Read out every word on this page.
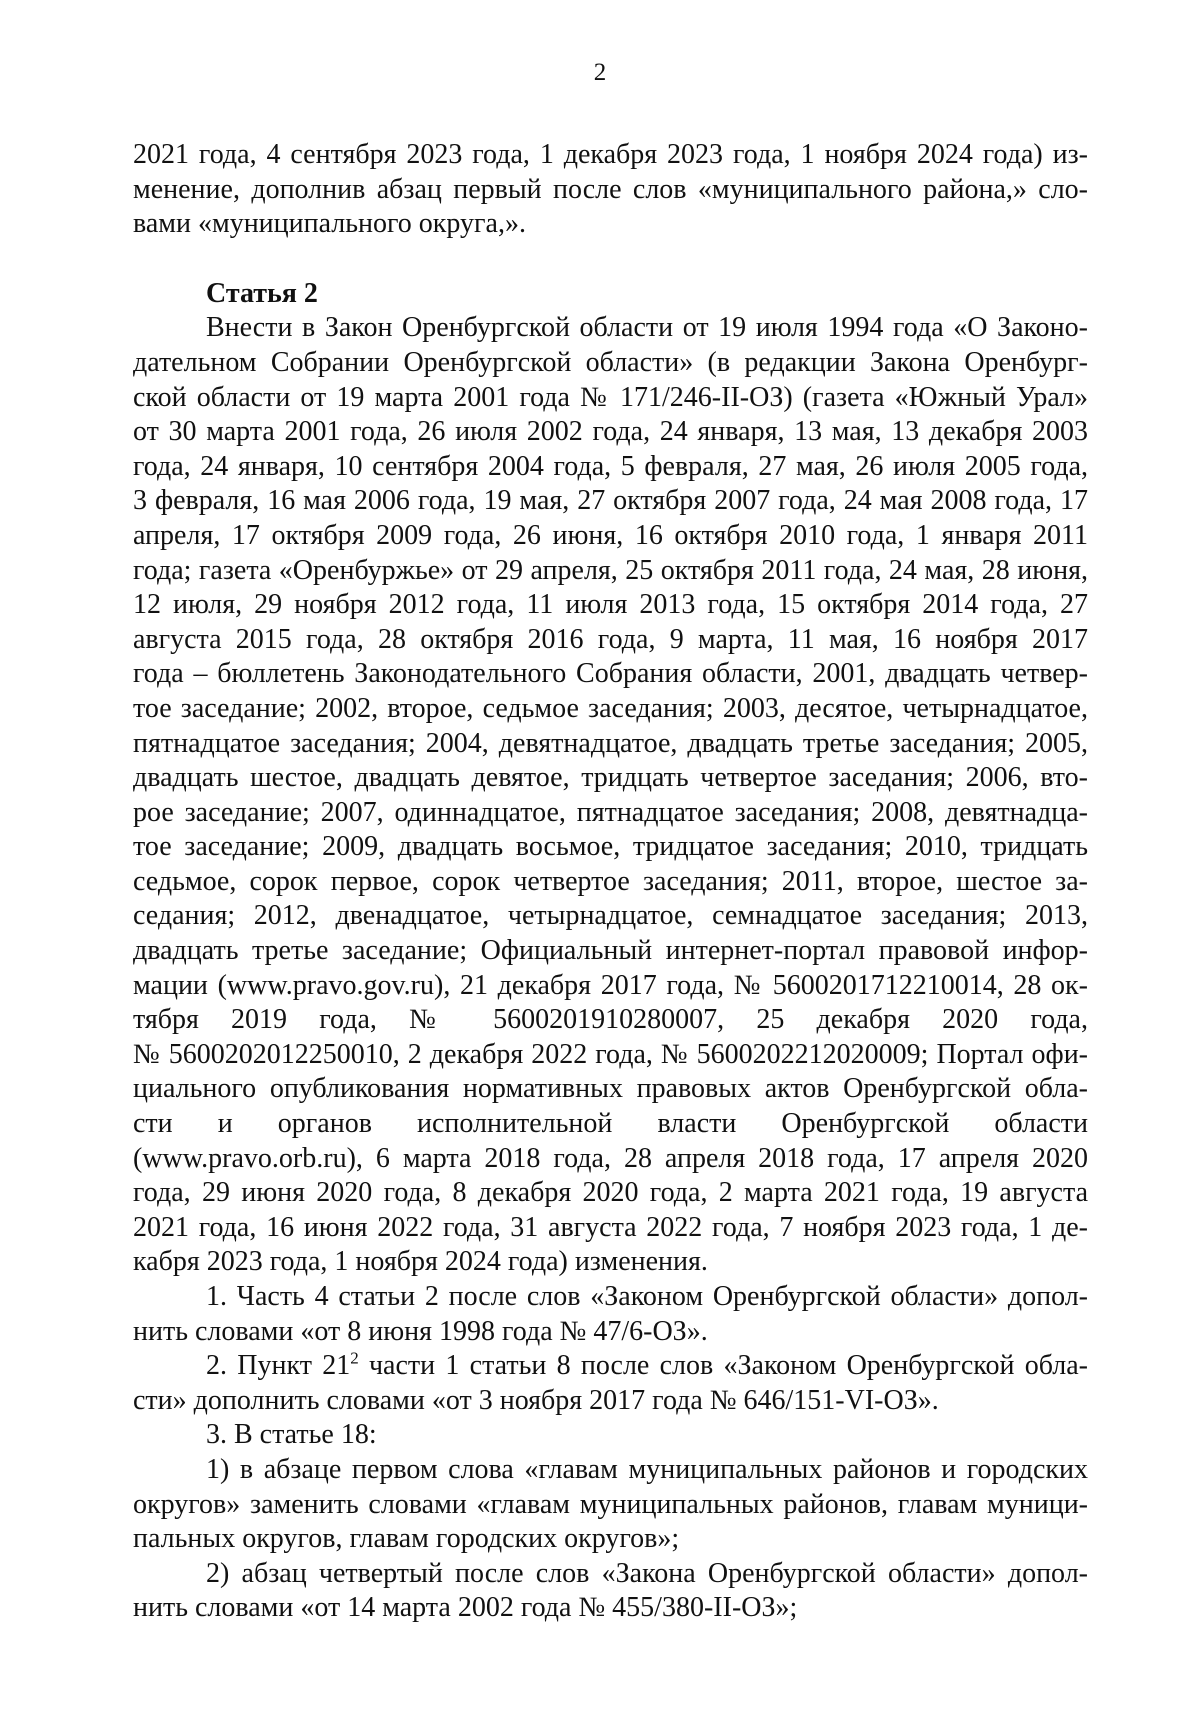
2
2021 года, 4 сентября 2023 года, 1 декабря 2023 года, 1 ноября 2024 года) из-
менение, дополнив абзац первый после слов «муниципального района,» сло-
вами «муниципального округа,».
Статья 2
Внести в Закон Оренбургской области от 19 июля 1994 года «О Законо-
дательном Собрании Оренбургской области» (в редакции Закона Оренбург-
ской области от 19 марта 2001 года № 171/246-II-ОЗ) (газета «Южный Урал»
от 30 марта 2001 года, 26 июля 2002 года, 24 января, 13 мая, 13 декабря 2003
года, 24 января, 10 сентября 2004 года, 5 февраля, 27 мая, 26 июля 2005 года,
3 февраля, 16 мая 2006 года, 19 мая, 27 октября 2007 года, 24 мая 2008 года, 17
апреля, 17 октября 2009 года, 26 июня, 16 октября 2010 года, 1 января 2011
года; газета «Оренбуржье» от 29 апреля, 25 октября 2011 года, 24 мая, 28 июня,
12 июля, 29 ноября 2012 года, 11 июля 2013 года, 15 октября 2014 года, 27
августа 2015 года, 28 октября 2016 года, 9 марта, 11 мая, 16 ноября 2017
года – бюллетень Законодательного Собрания области, 2001, двадцать четвер-
тое заседание; 2002, второе, седьмое заседания; 2003, десятое, четырнадцатое,
пятнадцатое заседания; 2004, девятнадцатое, двадцать третье заседания; 2005,
двадцать шестое, двадцать девятое, тридцать четвертое заседания; 2006, вто-
рое заседание; 2007, одиннадцатое, пятнадцатое заседания; 2008, девятнадца-
тое заседание; 2009, двадцать восьмое, тридцатое заседания; 2010, тридцать
седьмое, сорок первое, сорок четвертое заседания; 2011, второе, шестое за-
седания; 2012, двенадцатое, четырнадцатое, семнадцатое заседания; 2013,
двадцать третье заседание; Официальный интернет-портал правовой инфор-
мации (www.pravo.gov.ru), 21 декабря 2017 года, № 5600201712210014, 28 ок-
тября 2019 года, № 5600201910280007, 25 декабря 2020 года,
№ 5600202012250010, 2 декабря 2022 года, № 5600202212020009; Портал офи-
циального опубликования нормативных правовых актов Оренбургской обла-
сти и органов исполнительной власти Оренбургской области
(www.pravo.orb.ru), 6 марта 2018 года, 28 апреля 2018 года, 17 апреля 2020
года, 29 июня 2020 года, 8 декабря 2020 года, 2 марта 2021 года, 19 августа
2021 года, 16 июня 2022 года, 31 августа 2022 года, 7 ноября 2023 года, 1 де-
кабря 2023 года, 1 ноября 2024 года) изменения.
1. Часть 4 статьи 2 после слов «Законом Оренбургской области» допол-
нить словами «от 8 июня 1998 года № 47/6-ОЗ».
2. Пункт $21^2$ части 1 статьи 8 после слов «Законом Оренбургской обла-
сти» дополнить словами «от 3 ноября 2017 года № 646/151-VI-ОЗ».
3. В статье 18:
1) в абзаце первом слова «главам муниципальных районов и городских
округов» заменить словами «главам муниципальных районов, главам муници-
пальных округов, главам городских округов»;
2) абзац четвертый после слов «Закона Оренбургской области» допол-
нить словами «от 14 марта 2002 года № 455/380-II-ОЗ»;
